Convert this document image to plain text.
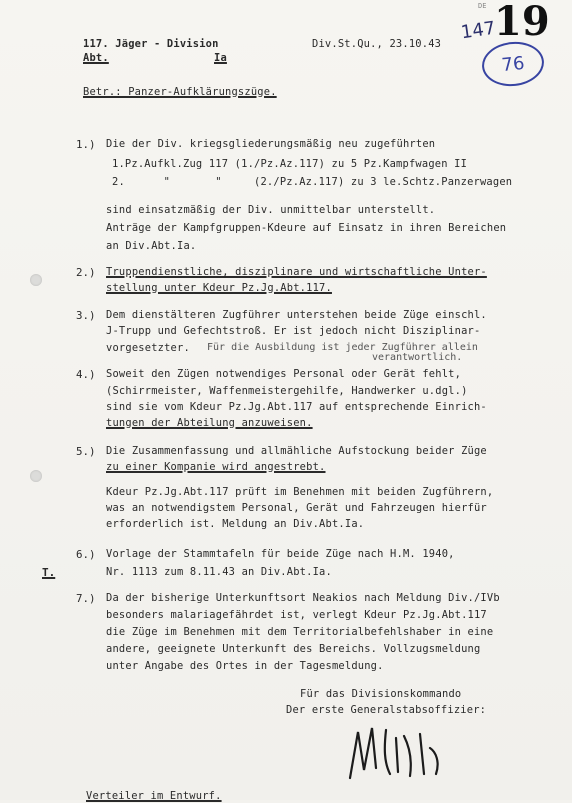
DE 19
147
76
117. Jäger - Division
Abt.	Ia
Div.St.Qu., 23.10.43
Betr.: Panzer-Aufklärungszüge.
1.) Die der Div. kriegsgliederungsmäßig neu zugeführten
1.Pz.Aufkl.Zug 117 (1./Pz.Az.117) zu 5 Pz.Kampfwagen II
2.      "       "     (2./Pz.Az.117) zu 3 le.Schtz.Panzerwagen
sind einsatzmäßig der Div. unmittelbar unterstellt.
Anträge der Kampfgruppen-Kdeure auf Einsatz in ihren Bereichen
an Div.Abt.Ia.
2.) Truppendienstliche, disziplinare und wirtschaftliche Unter-
stellung unter Kdeur Pz.Jg.Abt.117.
3.) Dem dienstälteren Zugführer unterstehen beide Züge einschl.
J-Trupp und Gefechtstroß. Er ist jedoch nicht Disziplinar-
vorgesetzter. Für die Ausbildung ist jeder Zugführer allein
verantwortlich.
4.) Soweit den Zügen notwendiges Personal oder Gerät fehlt,
(Schirrmeister, Waffenmeistergehilfe, Handwerker u.dgl.)
sind sie vom Kdeur Pz.Jg.Abt.117 auf entsprechende Einrich-
tungen der Abteilung anzuweisen.
5.) Die Zusammenfassung und allmähliche Aufstockung beider Züge
zu einer Kompanie wird angestrebt.
Kdeur Pz.Jg.Abt.117 prüft im Benehmen mit beiden Zugführern,
was an notwendigstem Personal, Gerät und Fahrzeugen hierfür
erforderlich ist. Meldung an Div.Abt.Ia.
6.) Vorlage der Stammtafeln für beide Züge nach H.M. 1940,
Nr. 1113 zum 8.11.43 an Div.Abt.Ia.
T.
7.) Da der bisherige Unterkunftsort Neakios nach Meldung Div./IVb
besonders malariagefährdet ist, verlegt Kdeur Pz.Jg.Abt.117
die Züge im Benehmen mit dem Territorialbefehlshaber in eine
andere, geeignete Unterkunft des Bereichs. Vollzugsmeldung
unter Angabe des Ortes in der Tagesmeldung.
Für das Divisionskommando
Der erste Generalstabsoffizier:
Verteiler im Entwurf.
